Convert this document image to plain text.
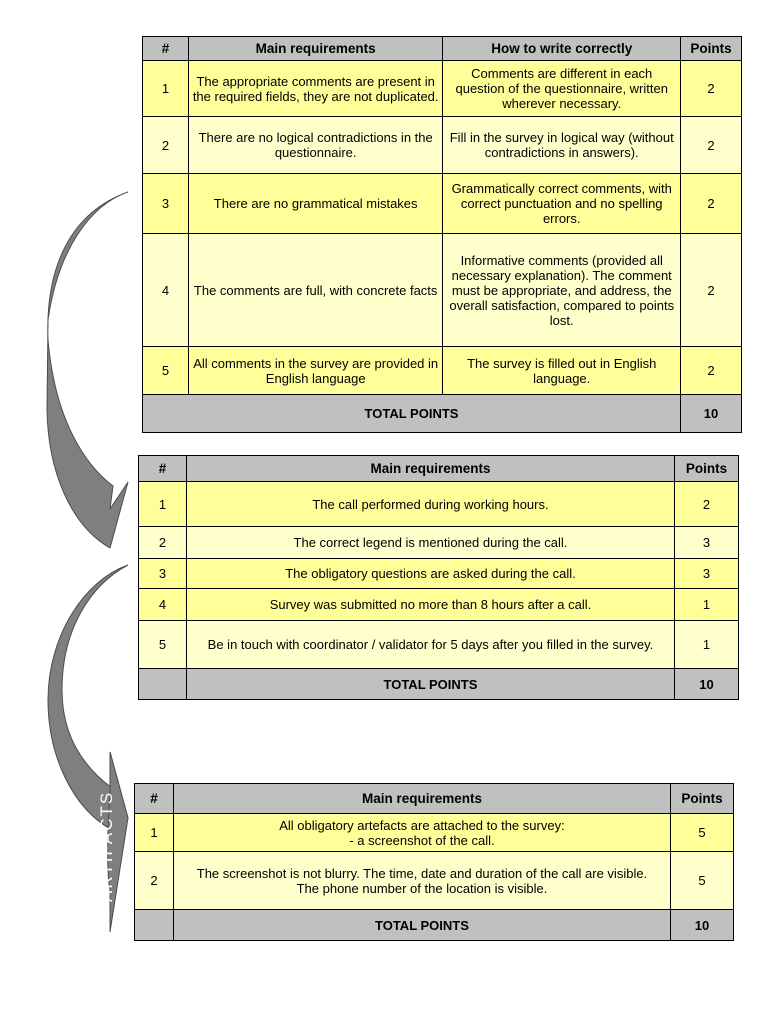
COMMENTS
SCENARIO
ARTIFACTS
#	Main requirements	How to write correctly	Points
1	The appropriate comments are present in the required fields, they are not duplicated.	Comments are different in each question of the questionnaire, written wherever necessary.	2
2	There are no logical contradictions in the questionnaire.	Fill in the survey in logical way (without contradictions in answers).	2
3	There are no grammatical mistakes	Grammatically correct comments, with correct punctuation and no spelling errors.	2
4	The comments are full, with concrete facts	Informative comments (provided all necessary explanation). The comment must be appropriate, and address, the overall satisfaction, compared to points lost.	2
5	All comments in the survey are provided in English language	The survey is filled out in English language.	2
TOTAL POINTS			10
#	Main requirements	Points
1	The call performed during working hours.	2
2	The correct legend is mentioned during the call.	3
3	The obligatory questions are asked during the call.	3
4	Survey was submitted no more than 8 hours after a call.	1
5	Be in touch with coordinator / validator for 5 days after you filled in the survey.	1
	TOTAL POINTS	10
#	Main requirements	Points
1	All obligatory artefacts are attached to the survey:
- a screenshot of the call.	5
2	The screenshot is not blurry. The time, date and duration of the call are visible.
The phone number of the location is visible.	5
	TOTAL POINTS	10
